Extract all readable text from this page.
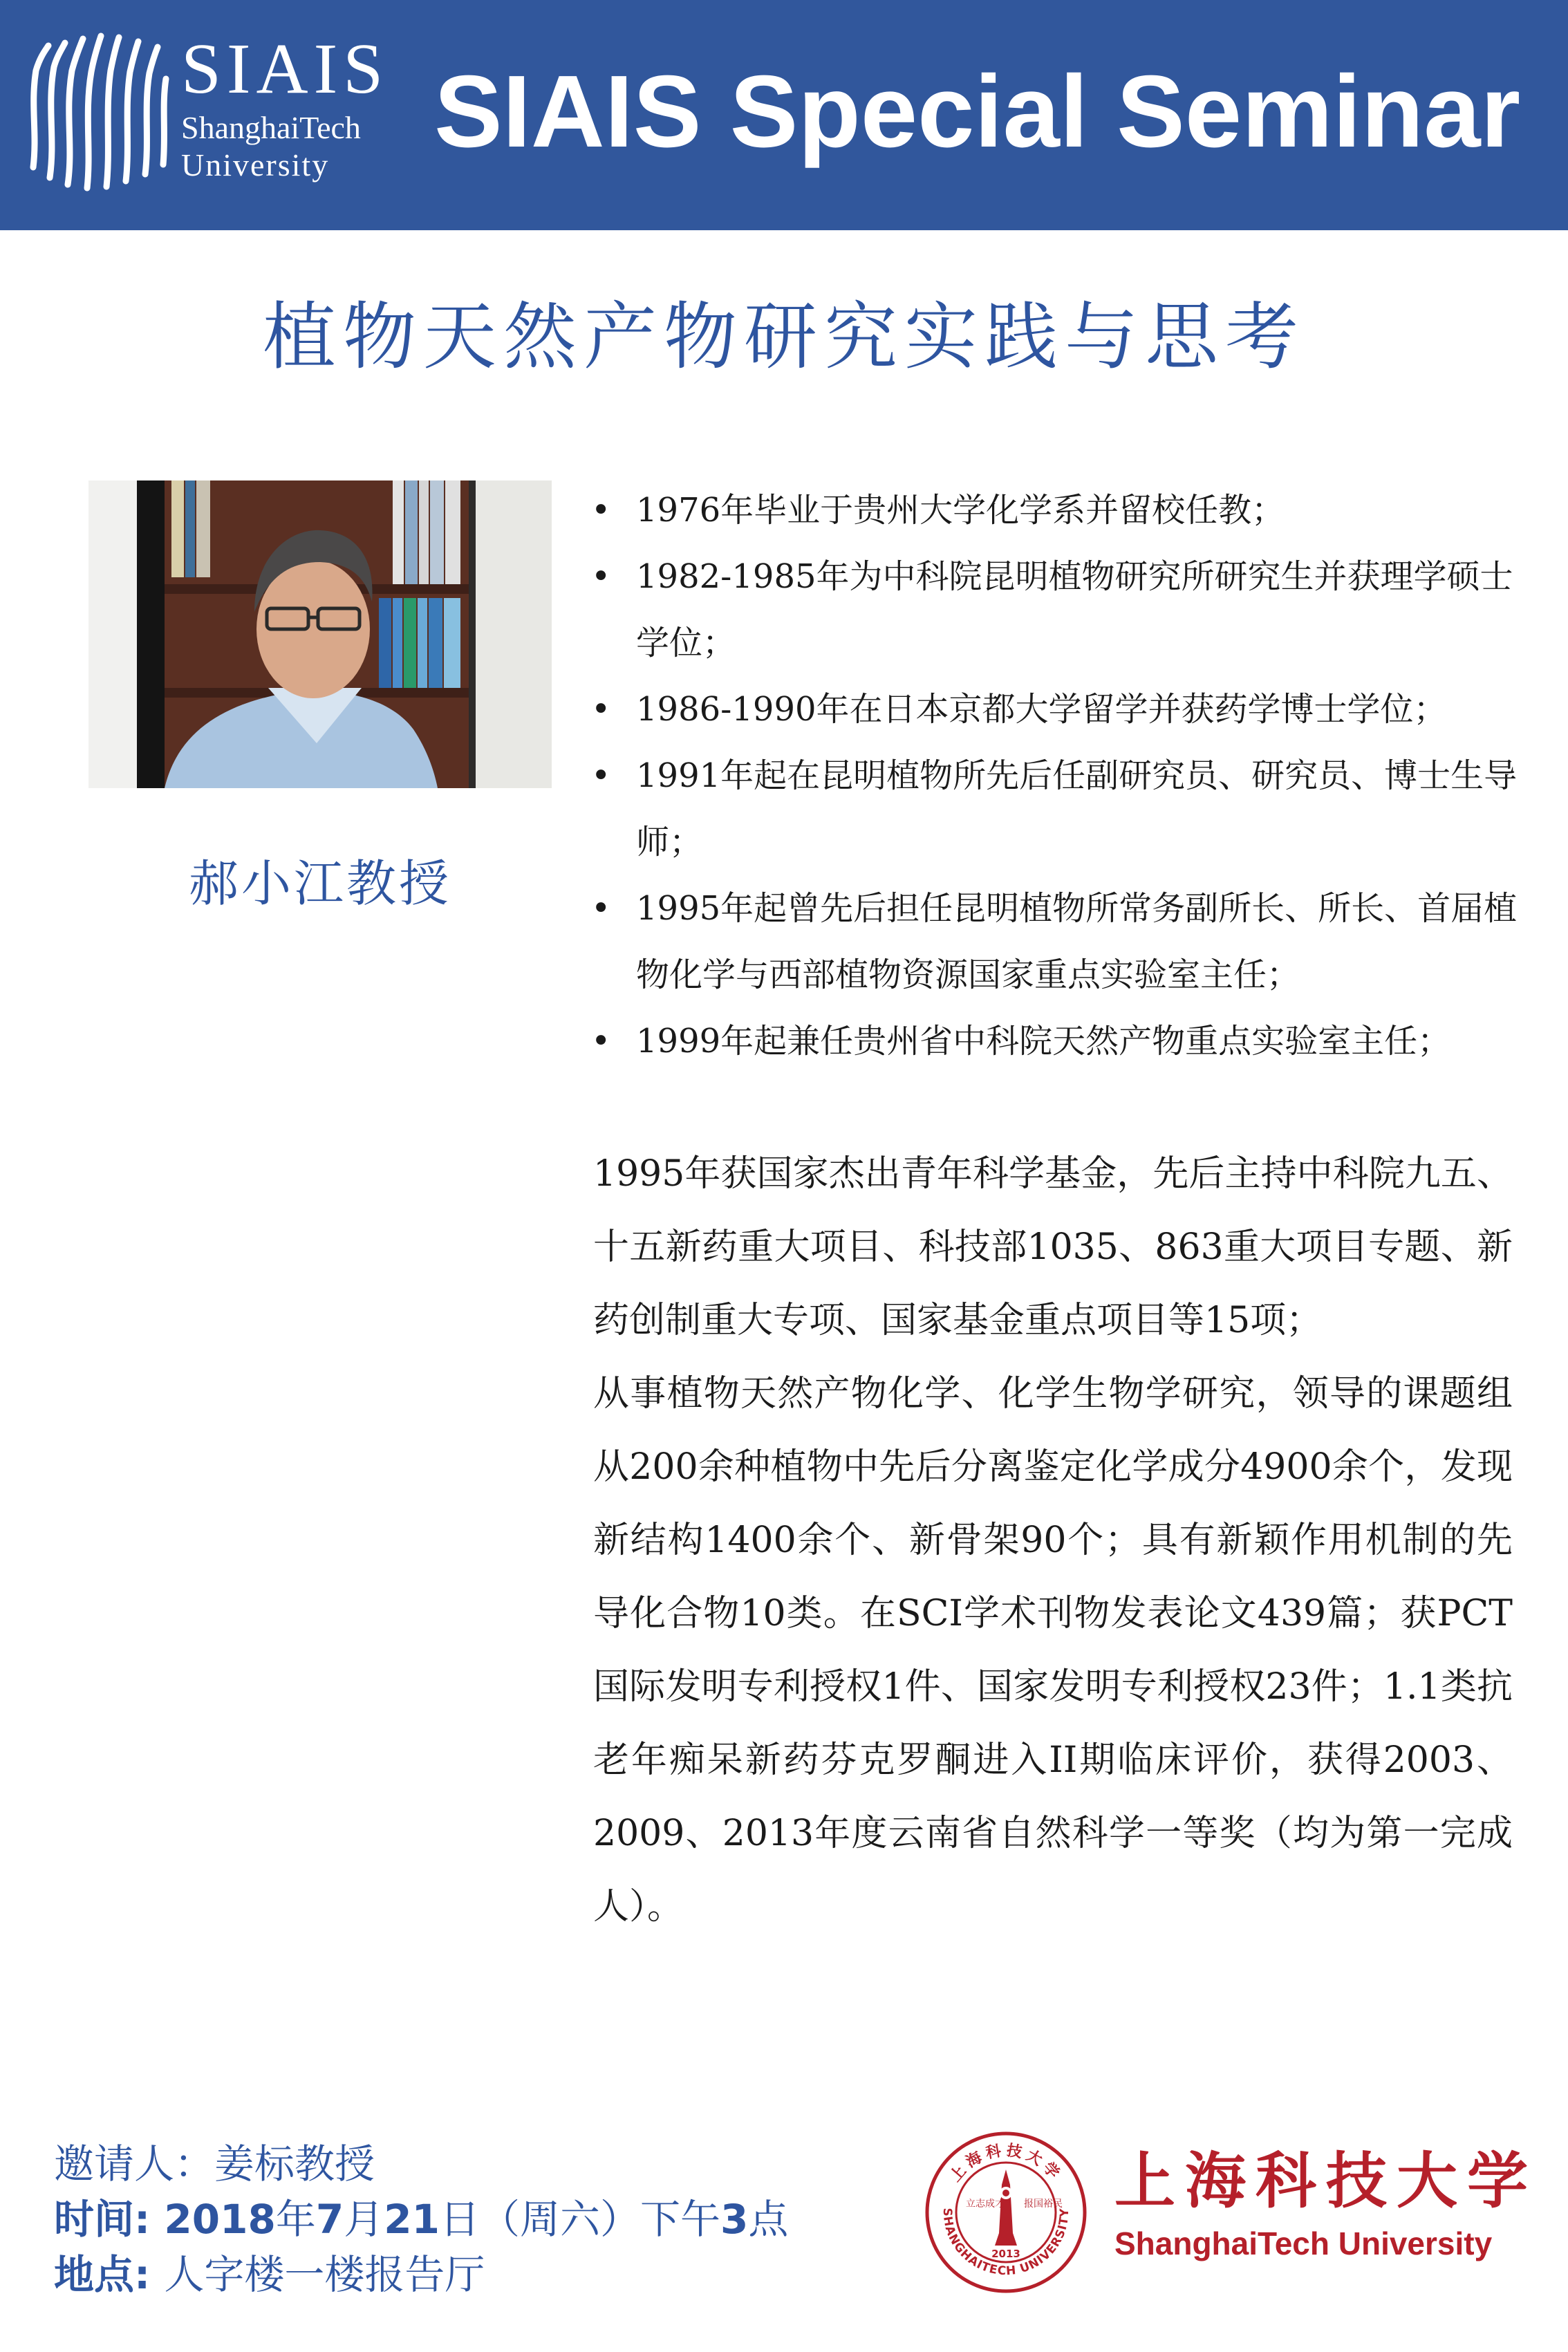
SIAIS
ShanghaiTech
University SIAIS Special Seminar
植物天然产物研究实践与思考
郝小江教授
• 1976年毕业于贵州大学化学系并留校任教；
• 1982-1985年为中科院昆明植物研究所研究生并获理学硕士学位；
• 1986-1990年在日本京都大学留学并获药学博士学位；
• 1991年起在昆明植物所先后任副研究员、研究员、博士生导师；
• 1995年起曾先后担任昆明植物所常务副所长、所长、首届植物化学与西部植物资源国家重点实验室主任；
• 1999年起兼任贵州省中科院天然产物重点实验室主任；

1995年获国家杰出青年科学基金，先后主持中科院九五、十五新药重大项目、科技部1035、863重大项目专题、新药创制重大专项、国家基金重点项目等15项；

从事植物天然产物化学、化学生物学研究，领导的课题组从200余种植物中先后分离鉴定化学成分4900余个，发现新结构1400余个、新骨架90个；具有新颖作用机制的先导化合物10类。在SCI学术刊物发表论文439篇；获PCT国际发明专利授权1件、国家发明专利授权23件；1.1类抗老年痴呆新药芬克罗酮进入II期临床评价，获得2003、2009、2013年度云南省自然科学一等奖（均为第一完成人）。

邀请人：姜标教授
时间: 2018年7月21日（周六）下午3点
地点: 人字楼一楼报告厅
SHANGHAITECH UNIVERSITY
上海科技大学
立志成才 报国裕民
2013
上海科技大学
ShanghaiTech University
